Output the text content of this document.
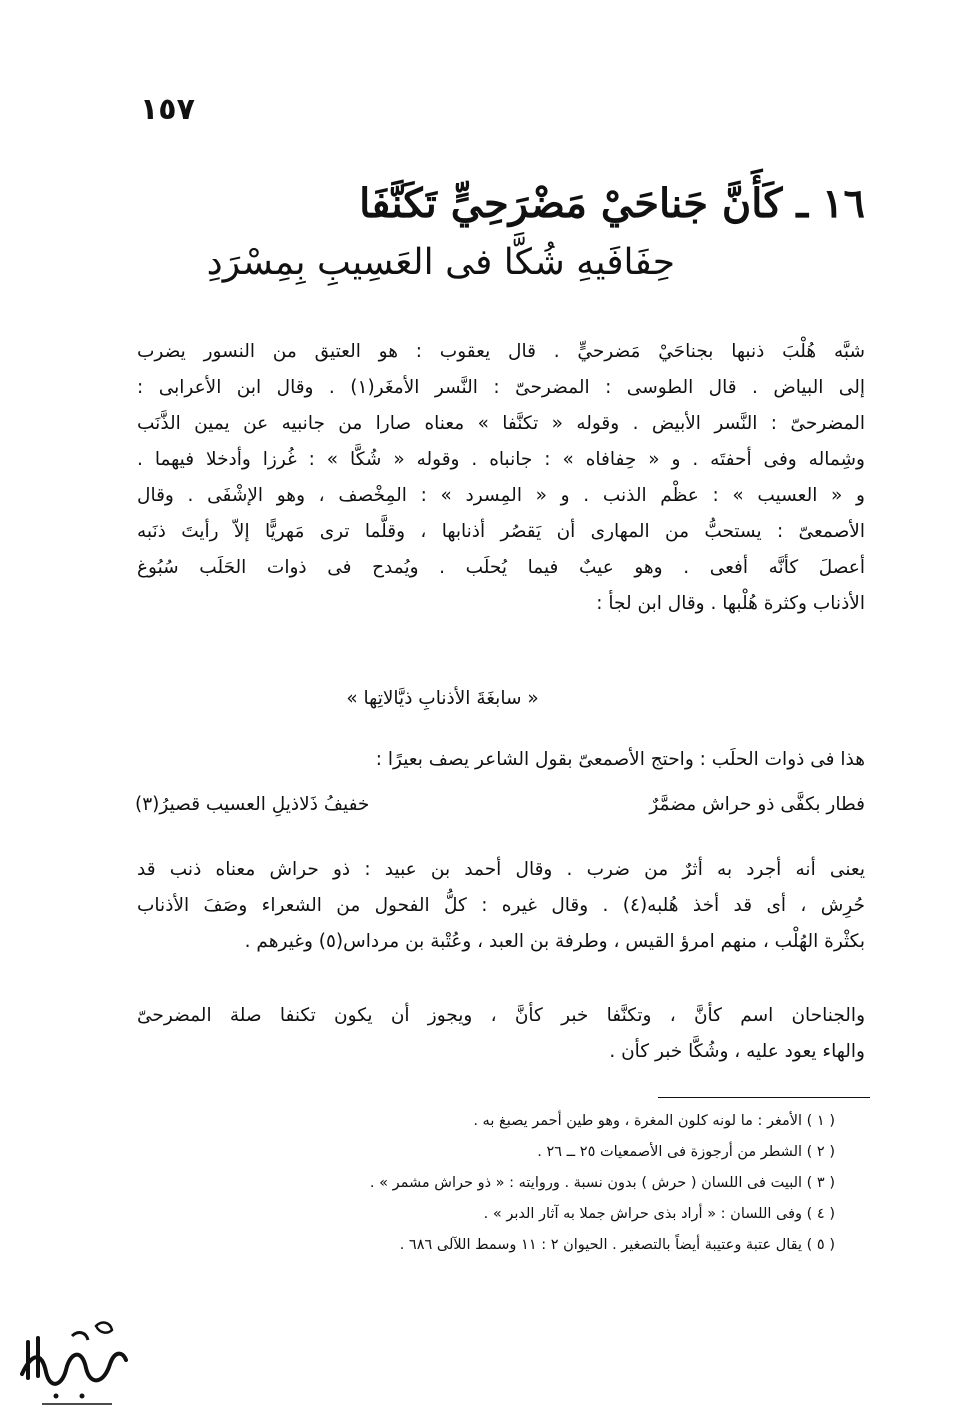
١٥٧
١٦ ـ كَأَنَّ جَناحَيْ مَضْرَحِيٍّ تَكَنَّفَا
حِفَافَيهِ شُكَّا فى العَسِيبِ بِمِسْرَدِ
شبَّه هُلْبَ ذنبها بجناحَيْ مَضرحيٍّ . قال يعقوب : هو العتيق من النسور يضرب
إلى البياض . قال الطوسى : المضرحىّ : النَّسر الأمغَر(١) . وقال ابن الأعرابى :
المضرحىّ : النَّسر الأبيض . وقوله « تكنَّفا » معناه صارا من جانبيه عن يمين الذَّنَب
وشِماله وفى أحفتَه . و « حِفافاه » : جانباه . وقوله « شُكَّا » : غُرزا وأدخلا فيهما .
و « العسيب » : عظْم الذنب . و « المِسرد » : المِخْصف ، وهو الإشْفَى . وقال
الأصمعىّ : يستحبُّ من المهارى أن يَقصُر أذنابها ، وقلَّما ترى مَهريًّا إلاّ رأيتَ ذنَبه
أعصلَ كأنَّه أفعى . وهو عيبٌ فيما يُحلَب . ويُمدح فى ذوات الحَلَب سُبُوغ
الأذناب وكثرة هُلْبها . وقال ابن لجأ :
« سابغَةَ الأذنابِ ذيَّالاتِها »
هذا فى ذوات الحلَب : واحتج الأصمعىّ بقول الشاعر يصف بعيرًا :
فطار بكفَّى ذو حراش مضمَّرٌ
خفيفُ ذَلاذيلِ العسيب قصيرُ(٣)
يعنى أنه أجرد به أثرٌ من ضرب . وقال أحمد بن عبيد : ذو حراش معناه ذنب قد
حُرِش ، أى قد أخذ هُلبه(٤) . وقال غيره : كلُّ الفحول من الشعراء وصَفَ الأذناب
بكثْرة الهُلْب ، منهم امرؤ القيس ، وطرفة بن العبد ، وعُتْبة بن مرداس(٥) وغيرهم .
والجناحان اسم كأنَّ ، وتكنَّفا خبر كأنَّ ، ويجوز أن يكون تكنفا صلة المضرحىّ
والهاء يعود عليه ، وشُكَّا خبر كأن .
( ١ ) الأمغر : ما لونه كلون المغرة ، وهو طين أحمر يصبغ به .
( ٢ ) الشطر من أرجوزة فى الأصمعيات ٢٥ ــ ٢٦ .
( ٣ ) البيت فى اللسان ( حرش ) بدون نسبة . وروايته : « ذو حراش مشمر » .
( ٤ ) وفى اللسان : « أراد بذى حراش جملا به آثار الدبر » .
( ٥ ) يقال عتبة وعتيبة أيضاً بالتصغير . الحيوان ٢ : ١١ وسمط اللآلى ٦٨٦ .
